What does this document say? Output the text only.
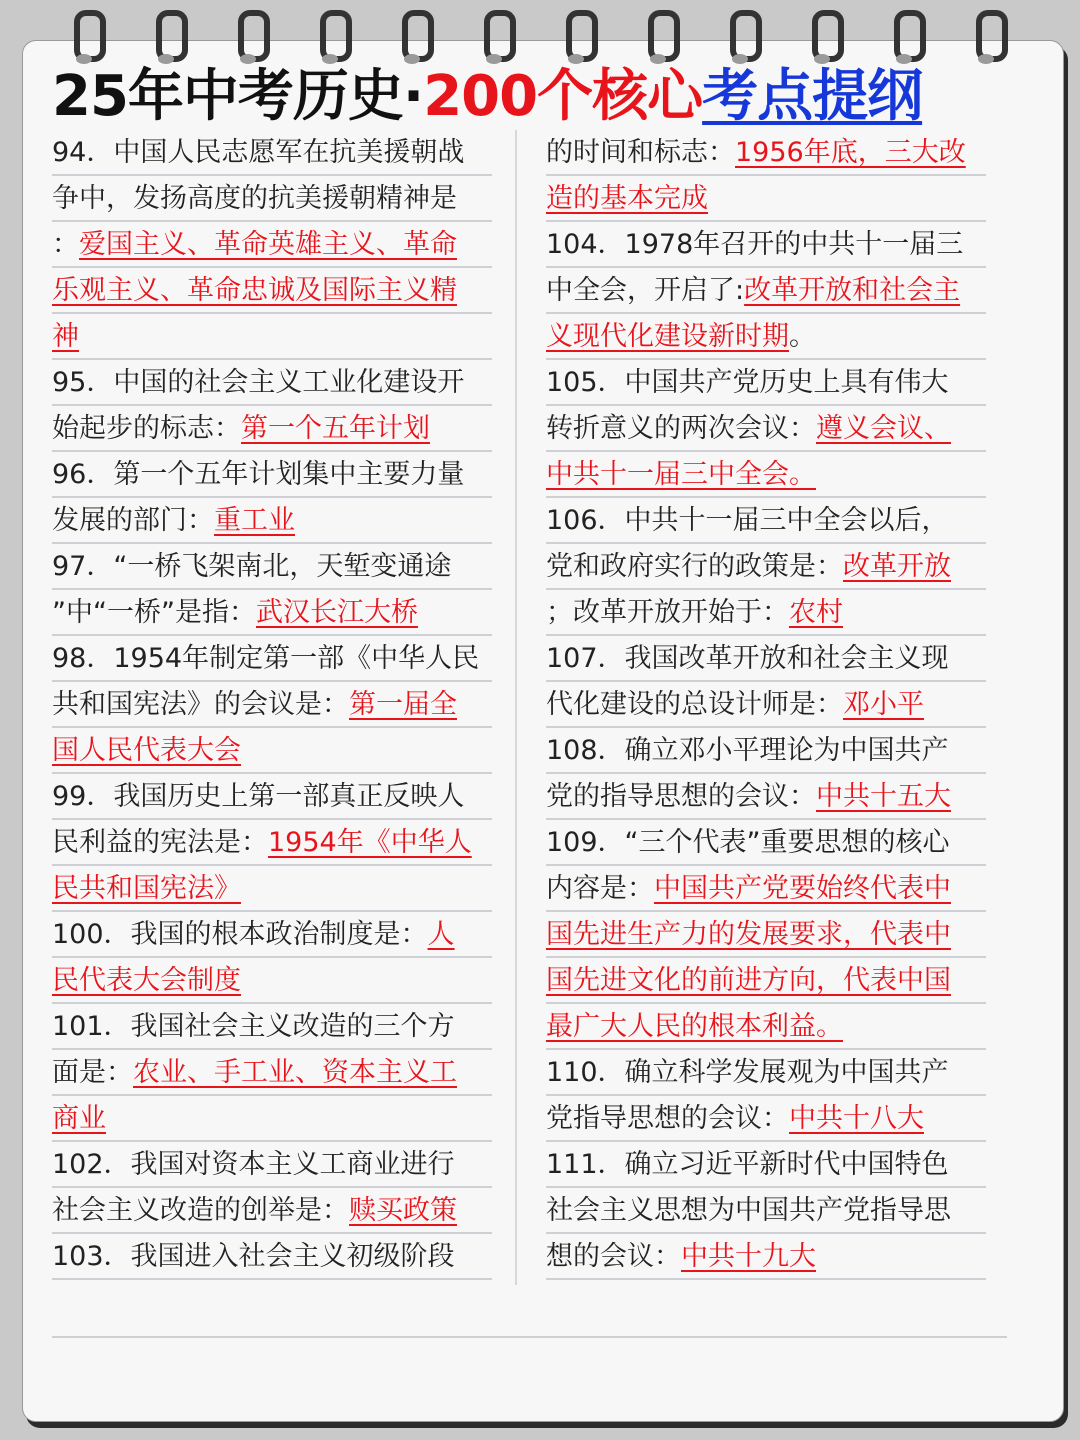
25年中考历史·200个核心考点提纲
94．中国人民志愿军在抗美援朝战
争中，发扬高度的抗美援朝精神是
：爱国主义、革命英雄主义、革命
乐观主义、革命忠诚及国际主义精
神
95．中国的社会主义工业化建设开
始起步的标志：第一个五年计划
96．第一个五年计划集中主要力量
发展的部门：重工业
97．“一桥飞架南北，天堑变通途
”中“一桥”是指：武汉长江大桥
98．1954年制定第一部《中华人民
共和国宪法》的会议是：第一届全
国人民代表大会
99．我国历史上第一部真正反映人
民利益的宪法是：1954年《中华人
民共和国宪法》
100．我国的根本政治制度是：人
民代表大会制度
101．我国社会主义改造的三个方
面是：农业、手工业、资本主义工
商业
102．我国对资本主义工商业进行
社会主义改造的创举是：赎买政策
103．我国进入社会主义初级阶段
的时间和标志：1956年底，三大改
造的基本完成
104．1978年召开的中共十一届三
中全会，开启了:改革开放和社会主
义现代化建设新时期。
105．中国共产党历史上具有伟大
转折意义的两次会议：遵义会议、
中共十一届三中全会。
106．中共十一届三中全会以后，
党和政府实行的政策是：改革开放
；改革开放开始于：农村
107．我国改革开放和社会主义现
代化建设的总设计师是：邓小平
108．确立邓小平理论为中国共产
党的指导思想的会议：中共十五大
109．“三个代表”重要思想的核心
内容是：中国共产党要始终代表中
国先进生产力的发展要求，代表中
国先进文化的前进方向，代表中国
最广大人民的根本利益。
110．确立科学发展观为中国共产
党指导思想的会议：中共十八大
111．确立习近平新时代中国特色
社会主义思想为中国共产党指导思
想的会议：中共十九大
